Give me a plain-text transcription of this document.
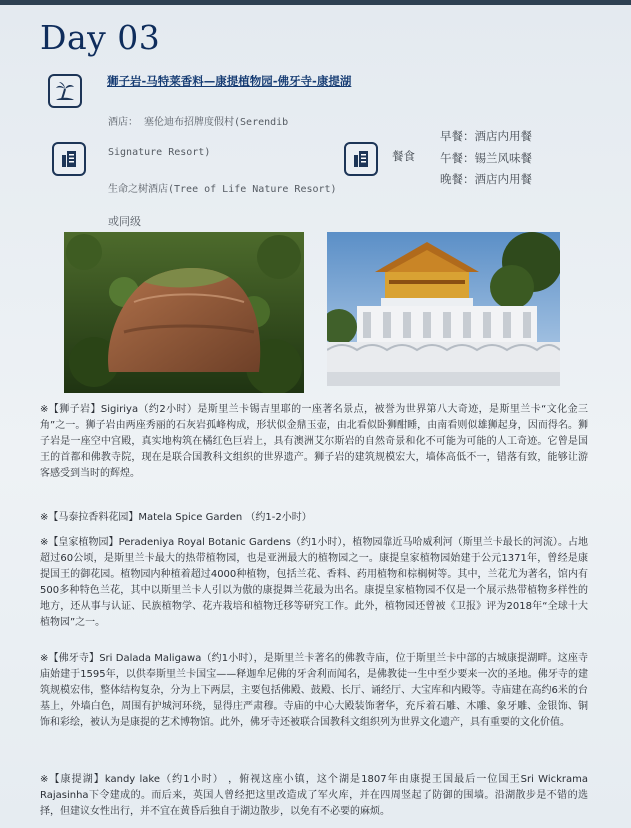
Day 03
狮子岩-马特莱香料—康提植物园-佛牙寺-康提湖
酒店： 塞伦迪布招牌度假村(Serendib
Signature Resort)
生命之树酒店(Tree of Life Nature Resort)
或同级
餐食
早餐：酒店内用餐
午餐：锡兰风味餐
晚餐：酒店内用餐

※【狮子岩】Sigiriya（约2小时）是斯里兰卡锡吉里耶的一座著名景点，被誉为世界第八大奇迹，是斯里兰卡“文化金三角”之一。狮子岩由两座秀丽的石灰岩孤峰构成，形状似金鼎玉壶，由北看似卧狮酣睡，由南看则似雄狮起身，因而得名。狮子岩是一座空中宫殿，真实地构筑在橘红色巨岩上，具有澳洲艾尔斯岩的自然奇景和化不可能为可能的人工奇迹。它曾是国王的首都和佛教寺院，现在是联合国教科文组织的世界遗产。狮子岩的建筑规模宏大，墙体高低不一，错落有致，能够让游客感受到当时的辉煌。

※【马泰拉香料花园】Matela Spice Garden （约1-2小时）

※【皇家植物园】Peradeniya Royal Botanic Gardens（约1小时），植物园靠近马哈威利河（斯里兰卡最长的河流）。占地超过60公顷，是斯里兰卡最大的热带植物园，也是亚洲最大的植物园之一。康提皇家植物园始建于公元1371年，曾经是康提国王的御花园。植物园内种植着超过4000种植物，包括兰花、香料、药用植物和棕榈树等。其中，兰花尤为著名，馆内有500多种特色兰花，其中以斯里兰卡人引以为傲的康提舞兰花最为出名。康提皇家植物园不仅是一个展示热带植物多样性的地方，还从事与认证、民族植物学、花卉栽培和植物迁移等研究工作。此外，植物园还曾被《卫报》评为2018年“全球十大植物园”之一。

※【佛牙寺】Sri Dalada Maligawa（约1小时），是斯里兰卡著名的佛教寺庙，位于斯里兰卡中部的古城康提湖畔。这座寺庙始建于1595年，以供奉斯里兰卡国宝——释迦牟尼佛的牙舍利而闻名，是佛教徒一生中至少要来一次的圣地。佛牙寺的建筑规模宏伟，整体结构复杂，分为上下两层，主要包括佛殿、鼓殿、长厅、诵经厅、大宝库和内殿等。寺庙建在高约6米的台基上，外墙白色，周围有护城河环绕，显得庄严肃穆。寺庙的中心大殿装饰奢华，充斥着石雕、木雕、象牙雕、金银饰、铜饰和彩绘，被认为是康提的艺术博物馆。此外，佛牙寺还被联合国教科文组织列为世界文化遗产，具有重要的文化价值。

※【康提湖】kandy lake（约1小时） ，俯视这座小镇，这个湖是1807年由康提王国最后一位国王Sri Wickrama Rajasinha下令建成的。而后来，英国人曾经把这里改造成了军火库，并在四周竖起了防御的围墙。沿湖散步是不错的选择，但建议女性出行，并不宜在黄昏后独自于湖边散步，以免有不必要的麻烦。
